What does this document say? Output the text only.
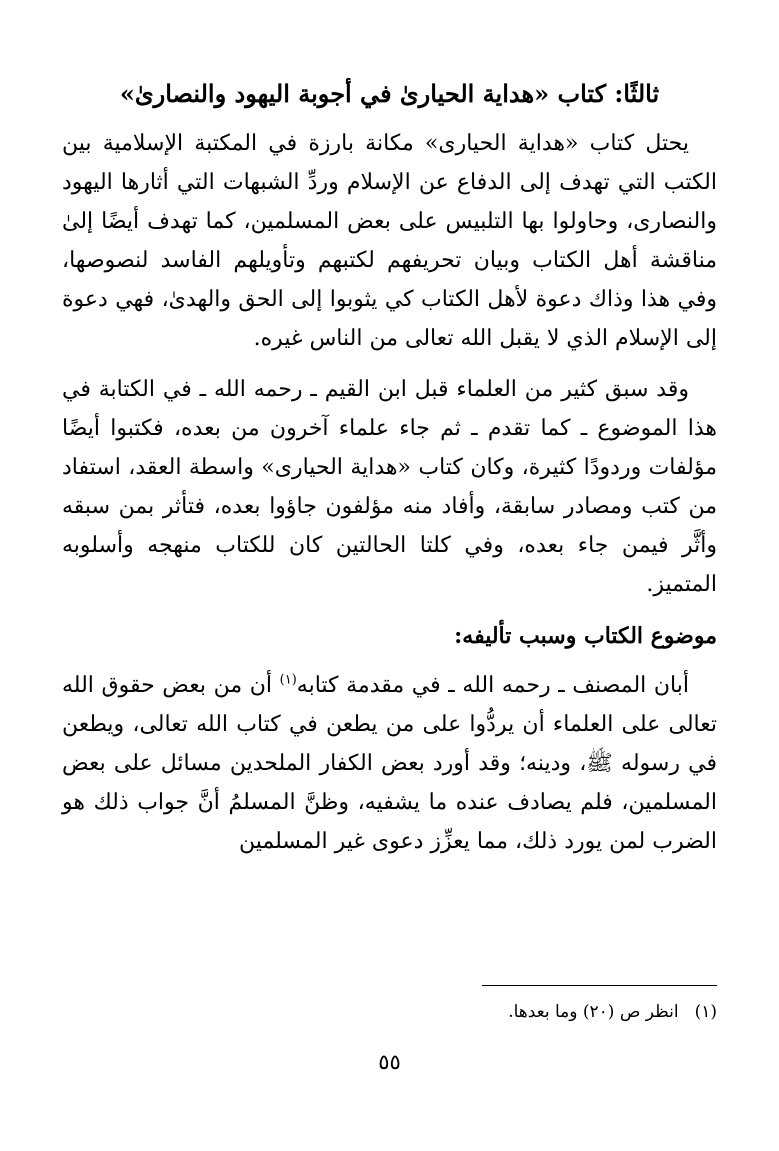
ثالثًا: كتاب «هداية الحيارىٰ في أجوبة اليهود والنصارىٰ»

يحتل كتاب «هداية الحيارى» مكانة بارزة في المكتبة الإسلامية بين الكتب التي تهدف إلى الدفاع عن الإسلام وردِّ الشبهات التي أثارها اليهود والنصارى، وحاولوا بها التلبيس على بعض المسلمين، كما تهدف أيضًا إلىٰ مناقشة أهل الكتاب وبيان تحريفهم لكتبهم وتأويلهم الفاسد لنصوصها، وفي هذا وذاك دعوة لأهل الكتاب كي يثوبوا إلى الحق والهدىٰ، فهي دعوة إلى الإسلام الذي لا يقبل الله تعالى من الناس غيره.

وقد سبق كثير من العلماء قبل ابن القيم ـ رحمه الله ـ في الكتابة في هذا الموضوع ـ كما تقدم ـ ثم جاء علماء آخرون من بعده، فكتبوا أيضًا مؤلفات وردودًا كثيرة، وكان كتاب «هداية الحيارى» واسطة العقد، استفاد من كتب ومصادر سابقة، وأفاد منه مؤلفون جاؤوا بعده، فتأثر بمن سبقه وأثَّر فيمن جاء بعده، وفي كلتا الحالتين كان للكتاب منهجه وأسلوبه المتميز.

موضوع الكتاب وسبب تأليفه:

أبان المصنف ـ رحمه الله ـ في مقدمة كتابه$^{(١)}$ أن من بعض حقوق الله تعالى على العلماء أن يردُّوا على من يطعن في كتاب الله تعالى، ويطعن في رسوله ﷺ، ودينه؛ وقد أورد بعض الكفار الملحدين مسائل على بعض المسلمين، فلم يصادف عنده ما يشفيه، وظنَّ المسلمُ أنَّ جواب ذلك هو الضرب لمن يورد ذلك، مما يعزِّز دعوى غير المسلمين

(١)انظر ص (٢٠) وما بعدها.
٥٥
